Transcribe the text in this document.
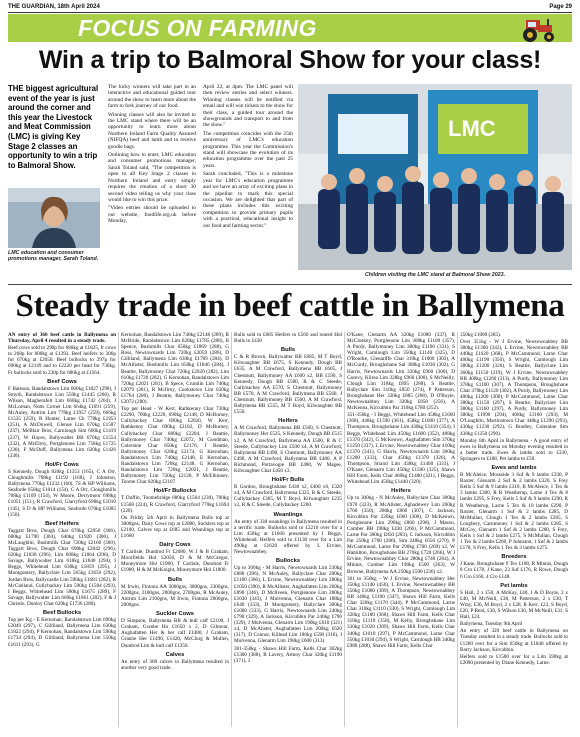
THE GUARDIAN, 18th April 2024	Page 29
FOCUS ON FARMING
Win a trip to Balmoral Show for your class!
THE biggest agricultural event of the year is just around the corner and this year the Livestock and Meat Commission (LMC) is giving Key Stage 2 classes an opportunity to win a trip to Balmoral Show.
LMC education and consumer promotions manager, Sarah Toland.

The lucky winners will take part in an interactive and educational guided tour around the show to learn more about the farm to fork journey of our food.

Winning classes will also be invited to the LMC stand where there will be an opportunity to learn more about Northern Ireland Farm Quality Assured (NIFQA) beef and lamb and to receive goodie bags.

Outlining how to enter, LMC education and consumer promotions manager, Sarah Toland said, "The competition is open to all Key Stage 2 classes in Northern Ireland and entry simply requires the creation of a short 30 second video telling us why your class would like to win this prize.

"Video entries should be uploaded to our website, foodlife.org.uk before Monday,

April 22, at 4pm. The LMC panel will then review entries and select winners. Winning classes will be notified via email and will win tickets to the show for their class, a guided tour around the showgrounds and transport to and from the show."

The competition coincides with the 25th anniversary of LMC's education programme. This year the Commission's stand will showcase the evolution of its education programme over the past 25 years.

Sarah concluded, "This is a milestone year for LMC's education programme and we have an array of exciting plans in the pipeline to mark this special occasion. We are delighted that part of these plans includes this exciting competition to provide primary pupils with a practical, educational insight to our food and farming sector."

LMC
Children visiting the LMC stand at Balmoral Show 2023.
Steady trade in beef cattle in Ballymena

AN entry of 360 beef cattle in Ballymena on Thursday, April 4 resulted in a steady trade.

Beef cows sold to 290p for 680kg at £1825, fr cows to 268p for 800kg at £1393. Beef heifers to 306p for 670kg at £2050. Beef bullocks to 297p for 690kg at £2149 and to £2220 per head for 730kg. Fr bullocks sold to 230p for 680kg at £1564.

Beef Cows

F Bateson, Randalstown Lim 600kg £1827 (290), J Smyth, Randalstown Lim 550kg £1445 (266), R Wilson, Magherafelt Lim 668kg £1742 (264), J McLornan, Nutts Corner Lim 664kg £1691 (259), McAuley, Antrim Lim 778kg £1957 (259), 666kg £1535 (259), R Hunter, Larne Ch 778kg £1953 (251), A McDowell, Glenoe Lim 670kg £1587 (237), McBlair Bros, Carnlough Sim 600kg £1419 (237), W Hayes, Ballywalter BB 670kg £1554 (232), A McElroy, Portglenone Lim 758kg £1725 (230), F McDuff, Ballymena Lim 620kg £1426 (230).

Hol/Fr Cows

S Kennedy, Dough 820kg £1353 (165), C A Orr, Cloughmills 708kg £1192 (168), J Johnston, Ballymena 770kg £1232 (160), 7S & HP Williams, Seaforde 658kg £1014 (154), C A Orr, Cloughmills 708kg £1109 (154), W Moore, Derrymoor 698kg £1051 (151), R Crawford, Glarryford 698kg £1010 (145), S D & HP Williams, Seaforde 670kg £1005 (150).

Beef Heifers

Taggart Bros, Dough Char 670kg £2050 (306), 600kg £1790 (304), 640kg £1920 (300), J McLaughlin, Bushmills Char 720kg £2160 (300), Taggart Bros, Dough Char 690kg £2042 (296), 620kg £1838 (296), Lim 608kg £1864 (296), D Savage, Ballywalter Lim 618kg £1840 (294), I Beggs, Whitehead Lim 630kg £1859 (295), J Montgomery, Ballyclare Lim 565kg £1650 (292), Jordan Bros, Ballycastle Lim 596kg £1681 (282), R McClelland, Cullybackey Lim 590kg £1584 (293), I Beggs, Whitehead Lim 580kg £1675 (289), F Savage, Ballywalter Lim 660kg £1861 (282), F & J Christie, Dunloy Char 620kg £1736 (280).

Beef Bullocks

Top per Kg - E Kernohan, Randalstown Lim 690kg £2049 (297), C Gilliland, Ballymena Lim 630kg £1822 (294), P Kernohan, Randalstown Lim 590kg £1734 (294), D Gilliland, Ballymena Lim 550kg £1611 (293), G

Kernohan, Randalstown Lim 740kg £2148 (289), R McBride, Randalstown Lim 620kg £1785 (288), B Spence, Bushmills Char 650kg £1869 (288), G Ross, Newtownards Lim 720kg £2059 (286), D Gilliland, Ballymena Lim 630kg £1789 (284), D McAllister, Bushmills Lim 650kg £1846 (284), J Beattie, Ballymoney Char 720kg £2020 (282), Lim 610kg £1720 (282), G Kernohan, Randalstown Lim 720kg £2021 (281), B Spece, Crumlin Lim 740kg £2079 (281), R McIlroy, Cookstown Lim 630kg £1764 (280), J Beattie, Ballymoney Char 740kg £2072 (280).

Top per Head - W Kerr, Rathkenny Char 730kg £2290, 700kg £2220, 690kg £2148, D McBurney, Cullybackey Char 690kg £2020, W Kerr, Rathkenny Char 690kg £2182, D McBurney, Cullybackey Char 680kg £2204, J Beattie, Ballymoney Char 740kg £2072, M Goodman, Coleraine Char 850kg £2176, J Beattie, Ballymoney Char 620kg £2174, G Kernohan, Randalstown Lim 740kg £2148, E Kernohan, Randalstown Lim 720kg £2148, G Kernohan, Randalstown Lim 720kg £2021, J Beattie, Ballymoney Lim 720kg £2128, P McElhinney, Toome Char 820kg £2107.

Hol/Fr Bullocks

T Duffin, Toomebridge 680kg £1564 (230), 700kg £1568 (224), R Crawford, Glarryford 770kg £1694 (220).

On Friday 5th April in Ballymena Bulls top at 3000gns, Dairy Cows top at £2080, Sucklers top at £2100, Calves top at £685 and Weanlings top at £1660

Dairy Cows

T Carlisle, Dundrod Fr £2080, W J & B Graham, Moorfields Hol £2050, D & M McGregor, Moneymore Hol £1900, T Carlisle, Dundrod Fr £1900, H & M McKnight, Moneymore Hol £1800.

Bulls

M Irwin, Fintona AA 3000gns, 3800gns, 2300gns, 2200gns, 2100gns, 2000gns, 2700gns, R McAuley, Antrim Lim 2100gns, M Irwin, Fintona 2600gns, 2000gns.

Suckler Cows

D Simpson, Ballymena BB & bull calf £2100, J Graham, Granbe Ho £1650 x 2, D Gilmour, Aughafatten Her & her calf £1480, J Graham, Granbe Her £1490, £1420, McClurg & Mullen, Dundrod Lim & bull calf £1350.

Calves

An entry of 300 calves in Ballymena resulted in another very good trade.

Bulls sold to £685 Heifers to £560 and reared Hol Bulls to £430

Bulls

C & R Brown, Ballywalter BB £685, M T Boyd, Kilwaughter BB £675, S Kennedy, Dough BB £635, A M Crawford, Ballymena BB £605, J Chestnutt, Ballymoney AA £600 x2, BB £590, S Kennedy, Dough BB £580, R & C Steede, Cullybackey AA £570, S Chestnutt, Ballymoney BB £570, A M Crawford, Ballymena BB £560, J Chestnutt, Ballymoney BB £560, A M Crawford, Ballymena BB £555, M T Boyd, Kilwaughter BB £550.

Heifers

A M Crawford, Ballymena BB £560, S Chestnutt, Ballymoney Her £525, S Kennedy, Dough BB £515 x2, A M Crawford, Ballymena AA £500, R & C Steede, Cullybackey Lim £500 x4, A M Crawford, Ballymena BB £490, S Chestnutt, Ballymoney AA £490, A M Crawford, Ballymena BB £480, A P Richmond, Portavogie BB £480, W Magee, Kilwaughter Char £450 x3.

Hol/Fr Bulls

R Gordon, Broughshane £430 x2, £400 x6, £320 x4, A M Crawford, Ballymena £325, R & C Steede, Cullybackey £365, M T Boyd, Kilwaughter £235 x2, R & C Steede, Cullybackey £200.

Weanlings

An entry of 330 weanlings in Ballymena resulted in a terrific trade. Bullocks sold to £2210 over for a Lim 458kg at £1660 presented by I Beggs, Whitehead. Heifers sold to £1130 over for a Lim 490kg at £1620 offered by L Ervine, Newtownabbey.

Bullocks

Up to 300kg - M Harris, Newtownards Lim 230kg £880 (396), N McAuley, Ballyclare Char 200kg £1100 (366), L Ervine, Newtownabbey Lim 280kg £1050 (390), R McAllister, Aughafatten Lim 260kg £890 (346), D McIlveen, Portglenone Lim 280kg £1030 (343), J Mulvenna, Glenarm Char 188kg £640 (333), D Montgomery, Ballyclare 300kg £1000 (333), G Harris, Newtownards Lim 240kg £790 (329), A Jackson, Kircubbin Par 240kg £790 (329), J Mulvenna, Glenarm Lim 190kg £610 (321) x4, D McAlister, Aughafatten Lim 200kg £620 (317), D Connor, Killead Lim 180kg £590 (316), J Mulvenna, Glenarm Lim 198kg £600 (313).

301-350kg - Shaws Hill Farm, Kells Char 302kg £1300 (388), R Lavery, Armoy Char 320kg £1190 (371), J

O'Kane, Glenarm AA 320kg £1080 (337), R McCloskey, Portglenone Lim 308kg £1100 (357), A Purdy, Ballymoney Lim 380kg £1100 (331), S Wright, Carnlough Lim 350kg £1140 (325), D O'Rourke, Glenariffe Char 310kg £1000 (303), A McCurdy, Broughshane Sal 308kg £1030 (302), G Harris, Newtownards Lim 320kg £960 (300), D Gorevy, Kilrea Lim 328kg £960 (300), S McNeilly, Clough Lim 318kg £895 (288), S Beattie, Ballyclare Sim 310kg £850 (274), P Patterson, Broughshane Her 330kg £885 (268), D O'Boyle, Newtownabbey Lim 320kg £850 (256), A McKenna, Kircubbin Par 310kg £780 (252).

351-350kg - I Beggs, Whitehead Lim 458kg £1660 (368), 448kg £1590 (361), 458kg £1600 (377), A Thompson, Broughshane Lim 430kg £1410 (354), I Beggs, Whitehead Lim 450kg £1600 (352), 408kg £1370 (342), G McKeown, Aughafatten Sim 370kg £1250 (337), L Ervine, Newtownabbey Char 410kg £1370 (341), G Harris, Newtownards Lim 360kg £1200 (333), Char 450kg £1370 (326), A Thompson, Strand Lim 438kg £1460 (333), J O'Kane, Glenarm Lim 450kg £1500 (325), Shaws Hill Farm, Kells Char 460kg £1480 (321), I Beggs, Whitehead Lim 450kg £1440 (320).

Heifers

Up to 300kg - N McAuley, Ballyclare Char 300kg £970 (323), R McAlister, Aghadowey Lim 260kg £760 (350), 280kg £860 (307), C Jackson, Kircubbin Par 220kg £660 (300), D McKeown, Portglenone Lim 298kg £800 (298), J Mason, Comber BB 198kg £430 (266), P McCammond, Larne Par 300kg £850 (283), C Jackson, Kircubbin Par 250kg £700 (280), Sim 248kg £650 (270), P McCammond, Larne Par 290kg £700 (269) x2, W Hamilton, Broughshane BB 270kg £720 (266), W J Ervine, Newtownabbey Char 280kg £740 (264), A Minnis, Comber Lim 190kg £500 (263), W Browne, Ballymena AA 250kg £590 (236) x2.

301 to 350kg - W J Ervine, Newtownabbey Her 350kg £1140 (456), L Ervine, Newtownabbey BB 350kg £1080 (309), A Thompson, Newtownabbey BB 340kg £1100 (347), Shaws Hill Farm, Kells Char 320kg £1170 (344), P McCammond, Larne Char 310kg £1110 (330), S Wright, Carnlough Lim 320kg £1180 (368), Shaws Hill Farm, Kells Char 310kg £1110 (358), M Kelly, Broughshane Lim 330kg £1020 (309), Shaws Hill Farm, Kells Char 340kg £1010 (297), P McCammond, Larne Char 350kg £1030 (294), S Wright, Carnlough BB 340kg £980 (288), Shaws Hill Farm, Kells Char

350kg £1000 (285).

Over 351kg - W J Ervine, Newtownabbey BB 380kg £1300 (342), L Ervine, Newtownabbey BB 440kg £1620 (368), P McCammond, Larne Char 400kg £1190 (350), S Wright, Carnlough Lim 380kg £1200 (326), S Beattie, Ballyclare Lim 360kg £1150 (319), W J Ervine, Newtownabbey BB 408kg £1260 (313), A Purdy, Ballymoney Lim 378kg £1100 (307), A Thompson, Broughshane Char 370kg £1120 (302), A Purdy, Ballymoney Lim 400kg £1200 (300), P McCammond, Larne Char 380kg £1150 (297), S Beattie, Ballyclare Lim 380kg £1160 (297), A Purdy, Ballymoney Lim 380kg £1090 (294), 408kg £1160 (293), M O'Loughlin, Martinstown Char 448kg £1290 (293), 430kg £1230 (292), G Bradley, Coleraine Sim 438kg £1250 (290).

Monday 8th April in Ballymena - A good entry of ewes in Ballymena on Monday evening resulted in a better trade. Ewes & lambs sold to £330, Springers to £188, Pet lambs to £50.

Ewes and lambs

B McAleice, Mossside 3 Suf & 9 lambs £330, P Baxter, Glenarm 2 Suf & 2 lambs £320, S Frey Kells 5 Suf & 9 lambs £310, B McAleice, 1 Tex & 3 lambs £300, R R Weatherup, Larne 4 Tex & 8 lambs £295, S Frey, Kells 5 Suf & 9 lambs £290, R R Weatherup, Larne 5 Tex & 10 lambs £290, P Baxter, Glenarm 1 Suf & 2 lambs £285, D McMullan, Clough 1 Tex & 2 lambs £285, S Loughery, Carnmoney 1 Suf & 2 lambs £285, S McCoy, Glenarm 1 Suf & 2 lambs £280, S Frey, Kells 1 Suf & 2 lambs £275, S McMullan, Clough 1 Tex & 2 lambs £260, P Johnston, 1 Suf & 2 lambs £178, S Frey, Kells 1 Tex & 3 lambs £275.

Breeders

J Kane, Broughshane 9 Tex £188, R Minnis, Dough 8 Cro £178, J Kane, 23 Suf £176, R Rowe, Dough 6 Cro £160, 4 Cro £148.

Pet lambs

S Hall, 2 x £50, A McKay, £40, J & D Boyle, 2 x £40, M McNeill, £38, M Patterson, 2 x £30, T Wray, £30, M Boyd, 2 x £28, R Kerr, £23, S Boyd, £20, P Reid, £30, S Wilson £36, M McNeill, £31, S Hall, £24.

Ballymena, Tuesday 9th April

An entry of 320 beef cattle in Ballymena on Tuesday resulted in a steady trade. Bullocks sold to £1260 over for a Sim 650kg at £1840 offered by Barry Jackson, Kircubbin.

Heifers sold to £1500 over for a Lim 590kg at £2090 presented by Diane Kennedy, Larne.
